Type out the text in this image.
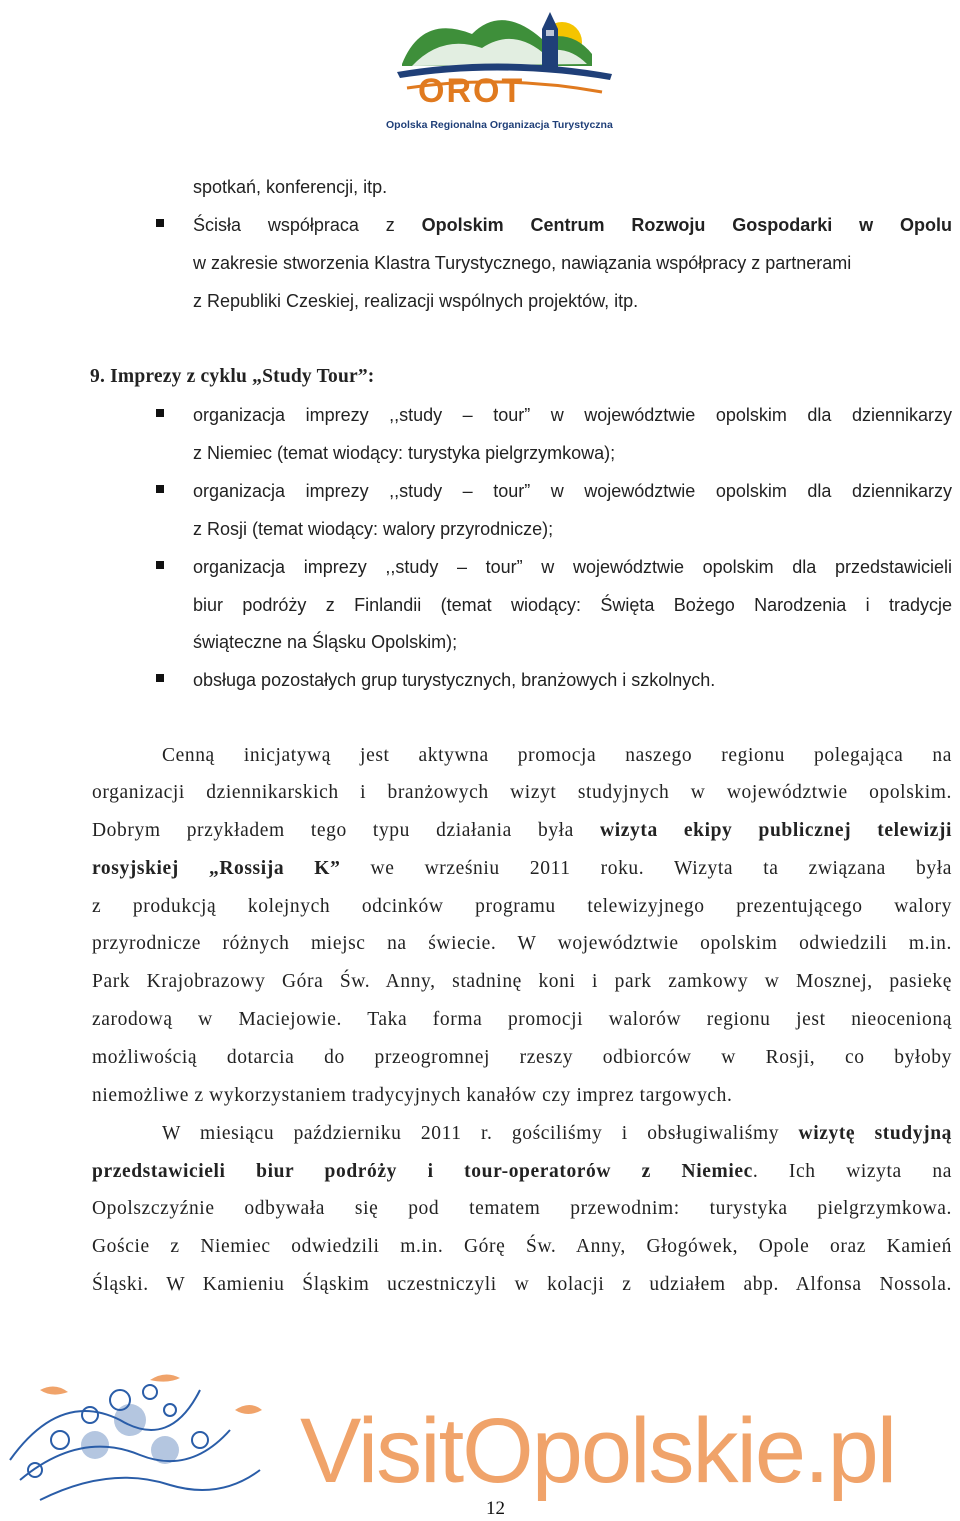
OROT
Opolska Regionalna Organizacja Turystyczna
spotkań, konferencji, itp.
Ścisła współpraca z Opolskim Centrum Rozwoju Gospodarki w Opolu
w zakresie stworzenia Klastra Turystycznego, nawiązania współpracy z partnerami
z Republiki Czeskiej, realizacji wspólnych projektów, itp.
9. Imprezy z cyklu „Study Tour”:
organizacja imprezy ,,study – tour” w województwie opolskim dla dziennikarzy
z Niemiec (temat wiodący: turystyka pielgrzymkowa);
organizacja imprezy ,,study – tour” w województwie opolskim dla dziennikarzy
z Rosji (temat wiodący: walory przyrodnicze);
organizacja imprezy ,,study – tour” w województwie opolskim dla przedstawicieli
biur podróży z Finlandii (temat wiodący: Święta Bożego Narodzenia i tradycje
świąteczne na Śląsku Opolskim);
obsługa pozostałych grup turystycznych, branżowych i szkolnych.
Cenną inicjatywą jest aktywna promocja naszego regionu polegająca na
organizacji dziennikarskich i branżowych wizyt studyjnych w województwie opolskim.
Dobrym przykładem tego typu działania była wizyta ekipy publicznej telewizji
rosyjskiej „Rossija K” we wrześniu 2011 roku. Wizyta ta związana była
z produkcją kolejnych odcinków programu telewizyjnego prezentującego walory
przyrodnicze różnych miejsc na świecie. W województwie opolskim odwiedzili m.in.
Park Krajobrazowy Góra Św. Anny, stadninę koni i park zamkowy w Mosznej, pasiekę
zarodową w Maciejowie. Taka forma promocji walorów regionu jest nieocenioną
możliwością dotarcia do przeogromnej rzeszy odbiorców w Rosji, co byłoby
niemożliwe z wykorzystaniem tradycyjnych kanałów czy imprez targowych.
W miesiącu październiku 2011 r. gościliśmy i obsługiwaliśmy wizytę studyjną
przedstawicieli biur podróży i tour-operatorów z Niemiec. Ich wizyta na
Opolszczyźnie odbywała się pod tematem przewodnim: turystyka pielgrzymkowa.
Goście z Niemiec odwiedzili m.in. Górę Św. Anny, Głogówek, Opole oraz Kamień
Śląski. W Kamieniu Śląskim uczestniczyli w kolacji z udziałem abp. Alfonsa Nossola.
VisitOpolskie.pl
12
